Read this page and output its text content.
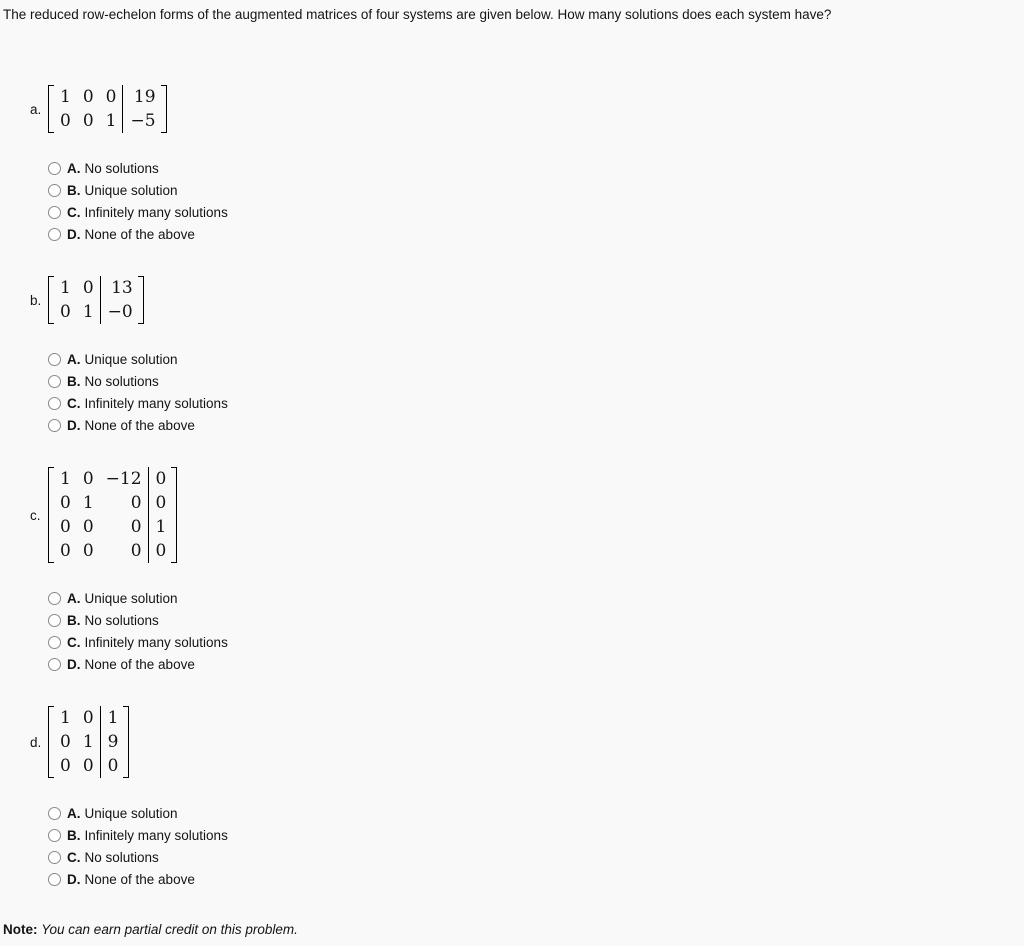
The reduced row-echelon forms of the augmented matrices of four systems are given below. How many solutions does each system have?
a.
1	0	0	19
0	0	1	−5
A. No solutions
B. Unique solution
C. Infinitely many solutions
D. None of the above
b.
1	0	13
0	1	−0
A. Unique solution
B. No solutions
C. Infinitely many solutions
D. None of the above
c.
1	0	−12	0
0	1	0	0
0	0	0	1
0	0	0	0
A. Unique solution
B. No solutions
C. Infinitely many solutions
D. None of the above
d.
1	0	1
0	1	9
0	0	0
A. Unique solution
B. Infinitely many solutions
C. No solutions
D. None of the above
Note: You can earn partial credit on this problem.
